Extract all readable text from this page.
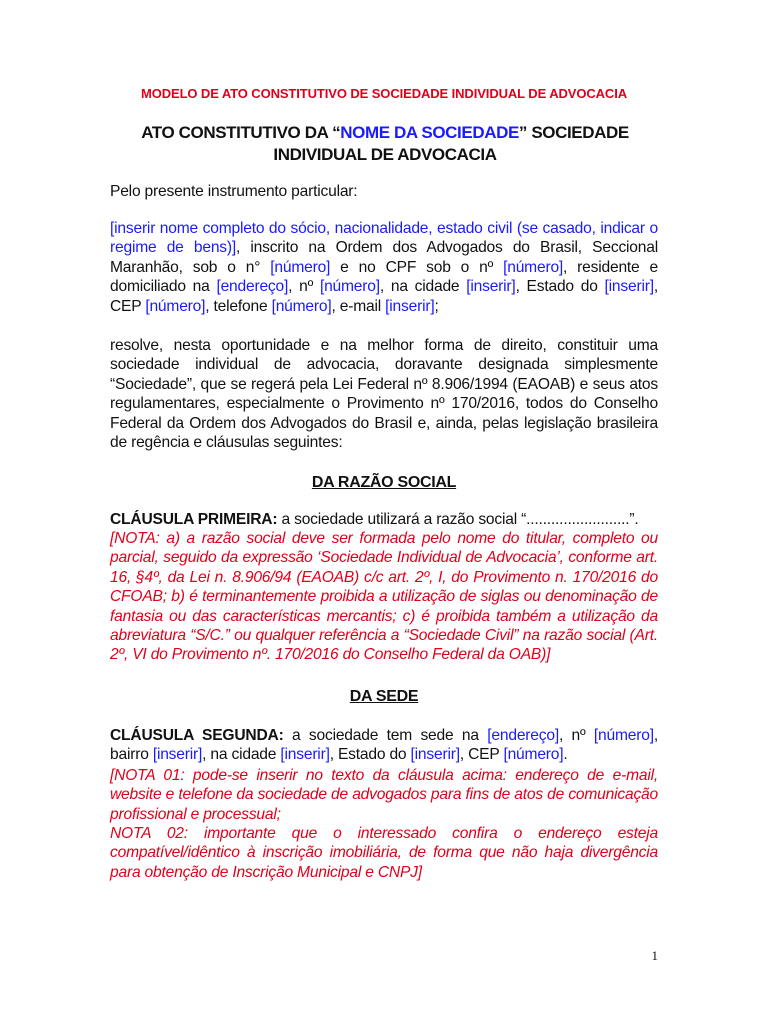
MODELO DE ATO CONSTITUTIVO DE SOCIEDADE INDIVIDUAL DE ADVOCACIA
ATO CONSTITUTIVO DA “NOME DA SOCIEDADE” SOCIEDADE INDIVIDUAL DE ADVOCACIA
Pelo presente instrumento particular:
[inserir nome completo do sócio, nacionalidade, estado civil (se casado, indicar o regime de bens)], inscrito na Ordem dos Advogados do Brasil, Seccional Maranhão, sob o n° [número] e no CPF sob o nº [número], residente e domiciliado na [endereço], nº [número], na cidade [inserir], Estado do [inserir], CEP [número], telefone [número], e-mail [inserir];
resolve, nesta oportunidade e na melhor forma de direito, constituir uma sociedade individual de advocacia, doravante designada simplesmente “Sociedade”, que se regerá pela Lei Federal nº 8.906/1994 (EAOAB) e seus atos regulamentares, especialmente o Provimento nº 170/2016, todos do Conselho Federal da Ordem dos Advogados do Brasil e, ainda, pelas legislação brasileira de regência e cláusulas seguintes:
DA RAZÃO SOCIAL
CLÁUSULA PRIMEIRA: a sociedade utilizará a razão social “.........................”.
[NOTA: a) a razão social deve ser formada pelo nome do titular, completo ou parcial, seguido da expressão ‘Sociedade Individual de Advocacia’, conforme art. 16, §4º, da Lei n. 8.906/94 (EAOAB) c/c art. 2º, I, do Provimento n. 170/2016 do CFOAB; b) é terminantemente proibida a utilização de siglas ou denominação de fantasia ou das características mercantis; c) é proibida também a utilização da abreviatura “S/C.” ou qualquer referência a “Sociedade Civil” na razão social (Art. 2º, VI do Provimento nº. 170/2016 do Conselho Federal da OAB)]
DA SEDE
CLÁUSULA SEGUNDA: a sociedade tem sede na [endereço], nº [número], bairro [inserir], na cidade [inserir], Estado do [inserir], CEP [número].
[NOTA 01: pode-se inserir no texto da cláusula acima: endereço de e-mail, website e telefone da sociedade de advogados para fins de atos de comunicação profissional e processual;
NOTA 02: importante que o interessado confira o endereço esteja compatível/idêntico à inscrição imobiliária, de forma que não haja divergência para obtenção de Inscrição Municipal e CNPJ]
1
